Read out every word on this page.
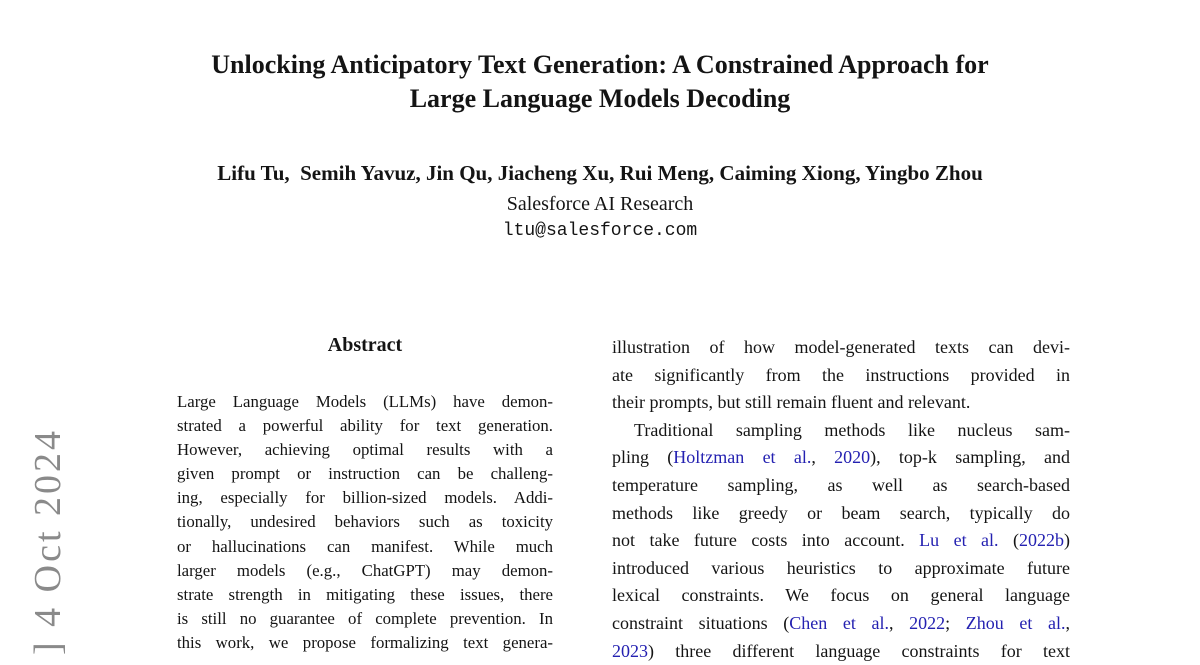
] 4 Oct 2024
Unlocking Anticipatory Text Generation: A Constrained Approach for
Large Language Models Decoding
Lifu Tu,  Semih Yavuz, Jin Qu, Jiacheng Xu, Rui Meng, Caiming Xiong, Yingbo Zhou
Salesforce AI Research
ltu@salesforce.com
Abstract
Large Language Models (LLMs) have demon-
strated a powerful ability for text generation.
However, achieving optimal results with a
given prompt or instruction can be challeng-
ing, especially for billion-sized models. Addi-
tionally, undesired behaviors such as toxicity
or hallucinations can manifest. While much
larger models (e.g., ChatGPT) may demon-
strate strength in mitigating these issues, there
is still no guarantee of complete prevention. In
this work, we propose formalizing text genera-
illustration of how model-generated texts can devi-
ate significantly from the instructions provided in
their prompts, but still remain fluent and relevant.
Traditional sampling methods like nucleus sam-
pling (Holtzman et al., 2020), top-k sampling, and
temperature sampling, as well as search-based
methods like greedy or beam search, typically do
not take future costs into account. Lu et al. (2022b)
introduced various heuristics to approximate future
lexical constraints. We focus on general language
constraint situations (Chen et al., 2022; Zhou et al.,
2023) three different language constraints for text
